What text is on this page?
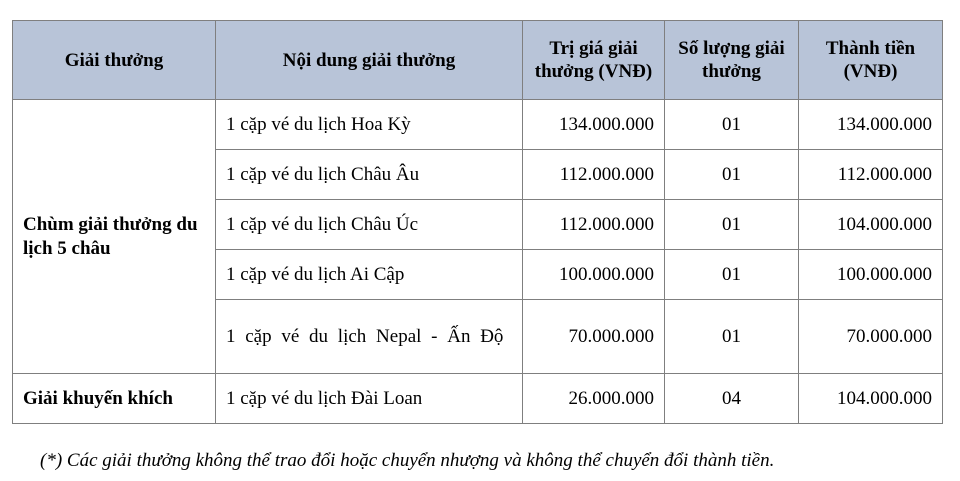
Giải thưởng	Nội dung giải thưởng	Trị giá giải thưởng (VNĐ)	Số lượng giải thưởng	Thành tiền (VNĐ)
Chùm giải thưởng du lịch 5 châu	1 cặp vé du lịch Hoa Kỳ	134.000.000	01	134.000.000
	1 cặp vé du lịch Châu Âu	112.000.000	01	112.000.000
	1 cặp vé du lịch Châu Úc	112.000.000	01	104.000.000
	1 cặp vé du lịch Ai Cập	100.000.000	01	100.000.000

	1 cặp vé du lịch Nepal - Ấn Độ	70.000.000	01	70.000.000
Giải khuyến khích	1 cặp vé du lịch Đài Loan	26.000.000	04	104.000.000
(*) Các giải thưởng không thể trao đổi hoặc chuyển nhượng và không thể chuyển đổi thành tiền.
